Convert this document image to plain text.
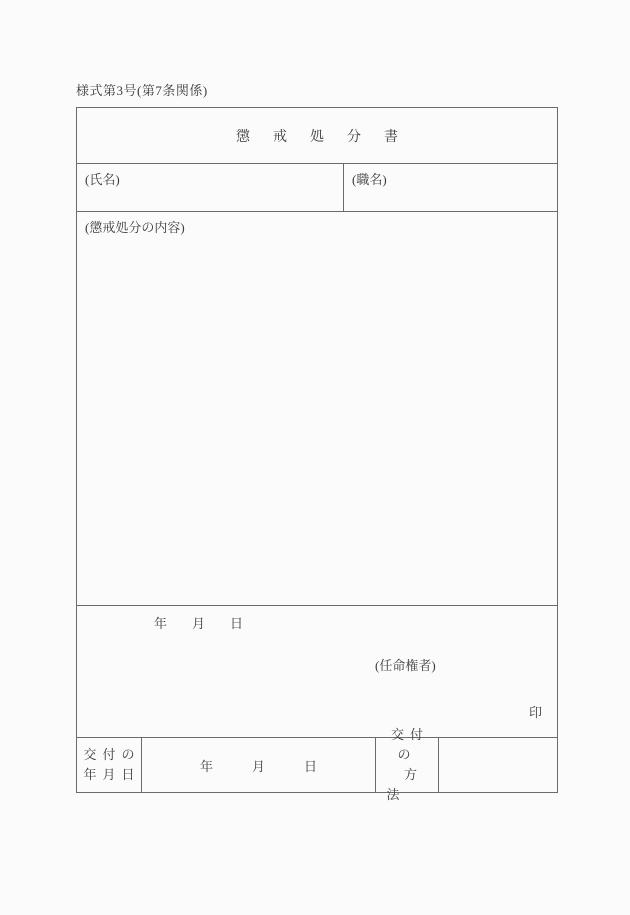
様式第3号(第7条関係)
懲戒処分書
(氏名)	(職名)
(懲戒処分の内容)
年月日
(任命権者)
印
交付の
年月日
年月日
交付の
方法
